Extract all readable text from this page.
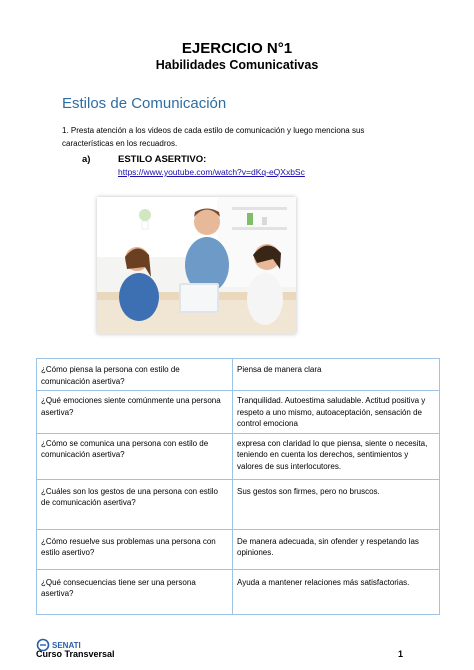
EJERCICIO N°1
Habilidades Comunicativas
Estilos de Comunicación
1. Presta atención a los videos de cada estilo de comunicación y luego menciona sus características en los recuadros.
a)	ESTILO ASERTIVO:
https://www.youtube.com/watch?v=dKq-eQXxbSc
¿Cómo piensa la persona con estilo de comunicación asertiva?	Piensa de manera clara
¿Qué emociones siente comúnmente una persona asertiva?	Tranquilidad. Autoestima saludable. Actitud positiva y respeto a uno mismo, autoaceptación, sensación de control emociona
¿Cómo se comunica una persona con estilo de comunicación asertiva?	expresa con claridad lo que piensa, siente o necesita, teniendo en cuenta los derechos, sentimientos y valores de sus interlocutores.
¿Cuáles son los gestos de una persona con estilo de comunicación asertiva?	Sus gestos son firmes, pero no bruscos.
¿Cómo resuelve sus problemas una persona con estilo asertivo?	De manera adecuada, sin ofender y respetando las opiniones.
¿Qué consecuencias tiene ser una persona asertiva?	Ayuda a mantener relaciones más satisfactorias.
SENATI
Curso Transversal	1
